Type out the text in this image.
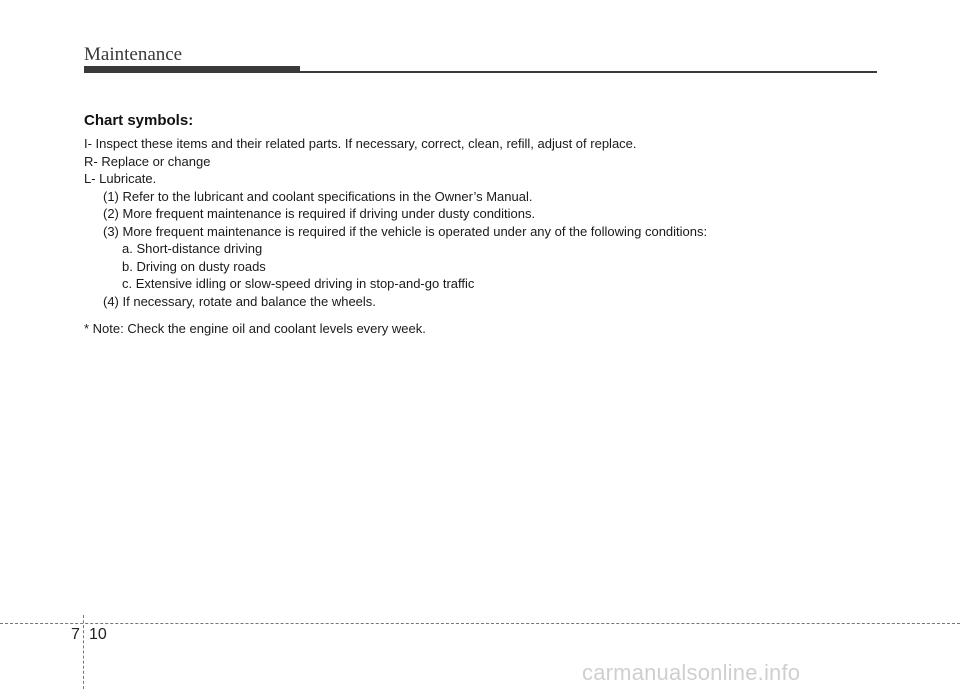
Maintenance
Chart symbols:
I- Inspect these items and their related parts. If necessary, correct, clean, refill, adjust of replace.
R- Replace or change
L- Lubricate.
(1) Refer to the lubricant and coolant specifications in the Owner’s Manual.
(2) More frequent maintenance is required if driving under dusty conditions.
(3) More frequent maintenance is required if the vehicle is operated under any of the following conditions:
a. Short-distance driving
b. Driving on dusty roads
c. Extensive idling or slow-speed driving in stop-and-go traffic
(4) If necessary, rotate and balance the wheels.
* Note: Check the engine oil and coolant levels every week.
7 10
carmanualsonline.info
